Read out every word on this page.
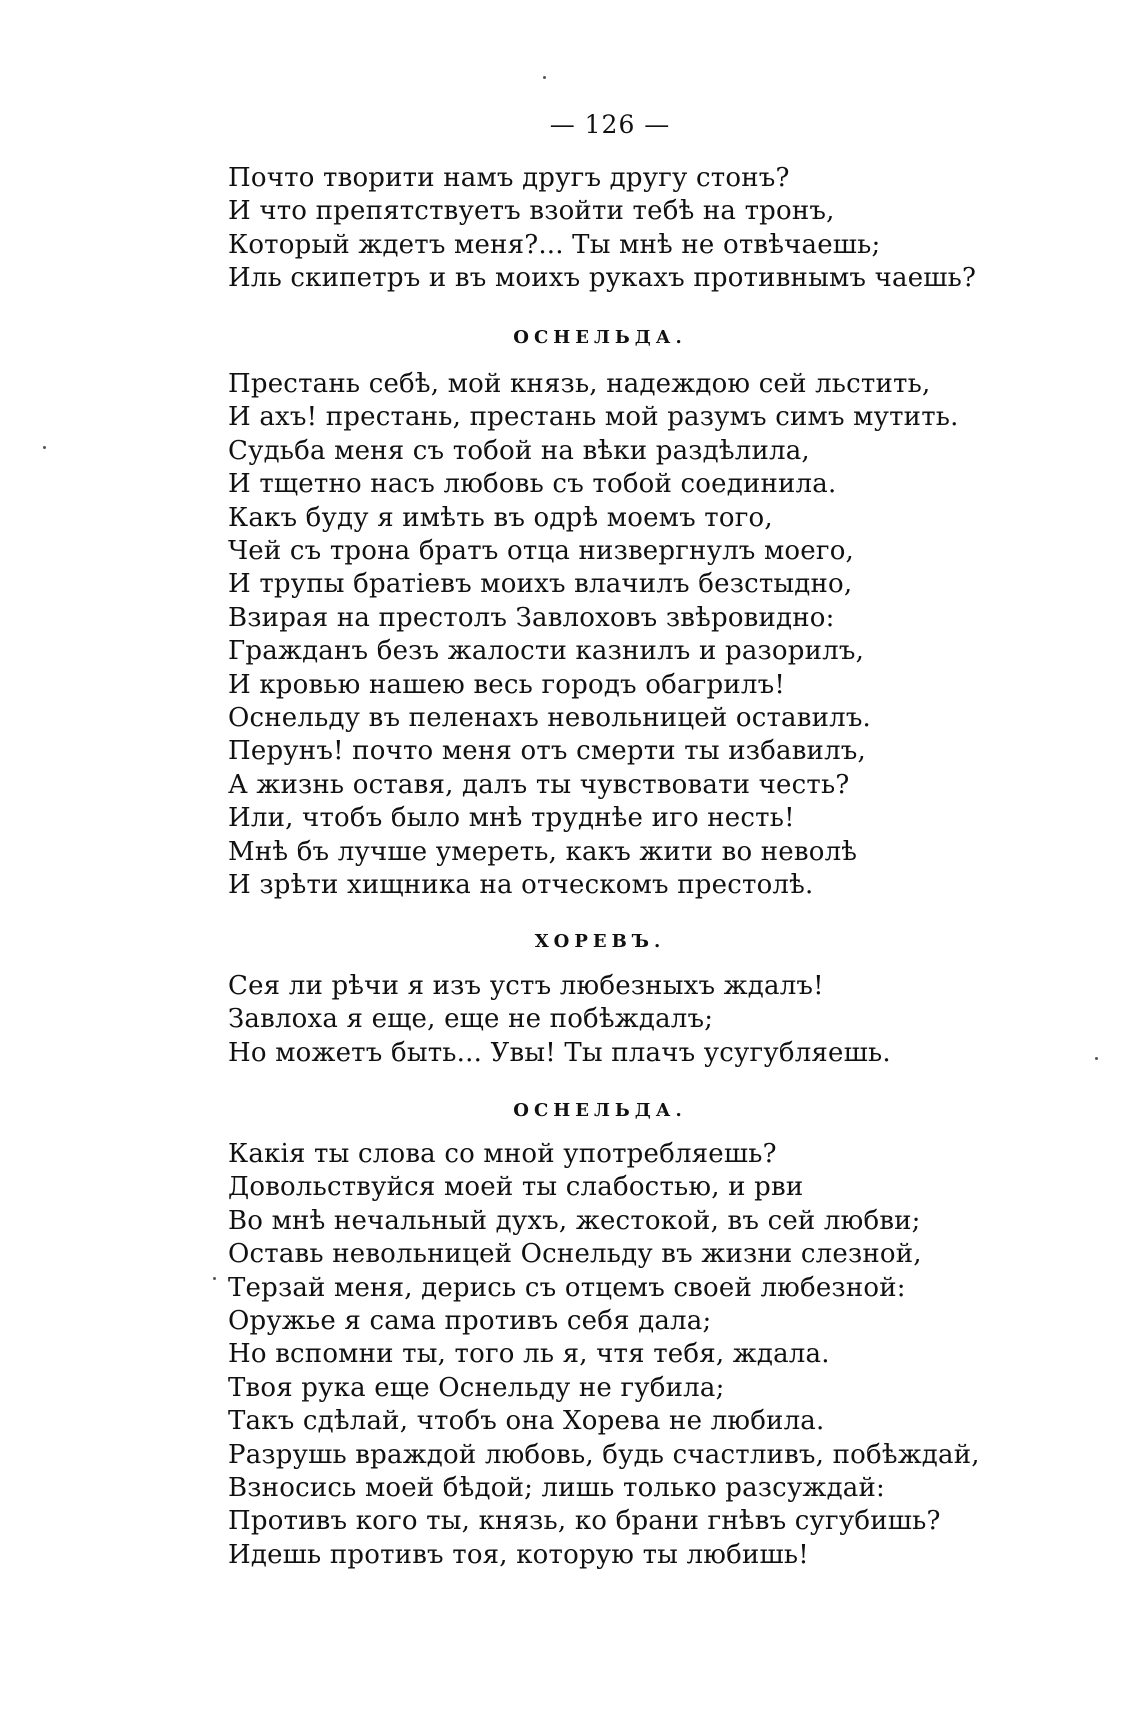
— 126 —
Почто творити намъ другъ другу стонъ?
И что препятствуетъ взойти тебѣ на тронъ,
Который ждетъ меня?... Ты мнѣ не отвѣчаешь;
Иль скипетръ и въ моихъ рукахъ противнымъ чаешь?
ОСНЕЛЬДА.
Престань себѣ, мой князь, надеждою сей льстить,
И ахъ! престань, престань мой разумъ симъ мутить.
Судьба меня съ тобой на вѣки раздѣлила,
И тщетно насъ любовь съ тобой соединила.
Какъ буду я имѣть въ одрѣ моемъ того,
Чей съ трона братъ отца низвергнулъ моего,
И трупы братіевъ моихъ влачилъ безстыдно,
Взирая на престолъ Завлоховъ звѣровидно:
Гражданъ безъ жалости казнилъ и разорилъ,
И кровью нашею весь городъ обагрилъ!
Оснельду въ пеленахъ невольницей оставилъ.
Перунъ! почто меня отъ смерти ты избавилъ,
А жизнь оставя, далъ ты чувствовати честь?
Или, чтобъ было мнѣ труднѣе иго несть!
Мнѣ бъ лучше умереть, какъ жити во неволѣ
И зрѣти хищника на отческомъ престолѣ.
ХОРЕВЪ.
Сея ли рѣчи я изъ устъ любезныхъ ждалъ!
Завлоха я еще, еще не побѣждалъ;
Но можетъ быть... Увы! Ты плачъ усугубляешь.
ОСНЕЛЬДА.
Какія ты слова со мной употребляешь?
Довольствуйся моей ты слабостью, и рви
Во мнѣ нечальный духъ, жестокой, въ сей любви;
Оставь невольницей Оснельду въ жизни слезной,
Терзай меня, дерись съ отцемъ своей любезной:
Оружье я сама противъ себя дала;
Но вспомни ты, того ль я, чтя тебя, ждала.
Твоя рука еще Оснельду не губила;
Такъ сдѣлай, чтобъ она Хорева не любила.
Разрушь враждой любовь, будь счастливъ, побѣждай,
Взносись моей бѣдой; лишь только разсуждай:
Противъ кого ты, князь, ко брани гнѣвъ сугубишь?
Идешь противъ тоя, которую ты любишь!
